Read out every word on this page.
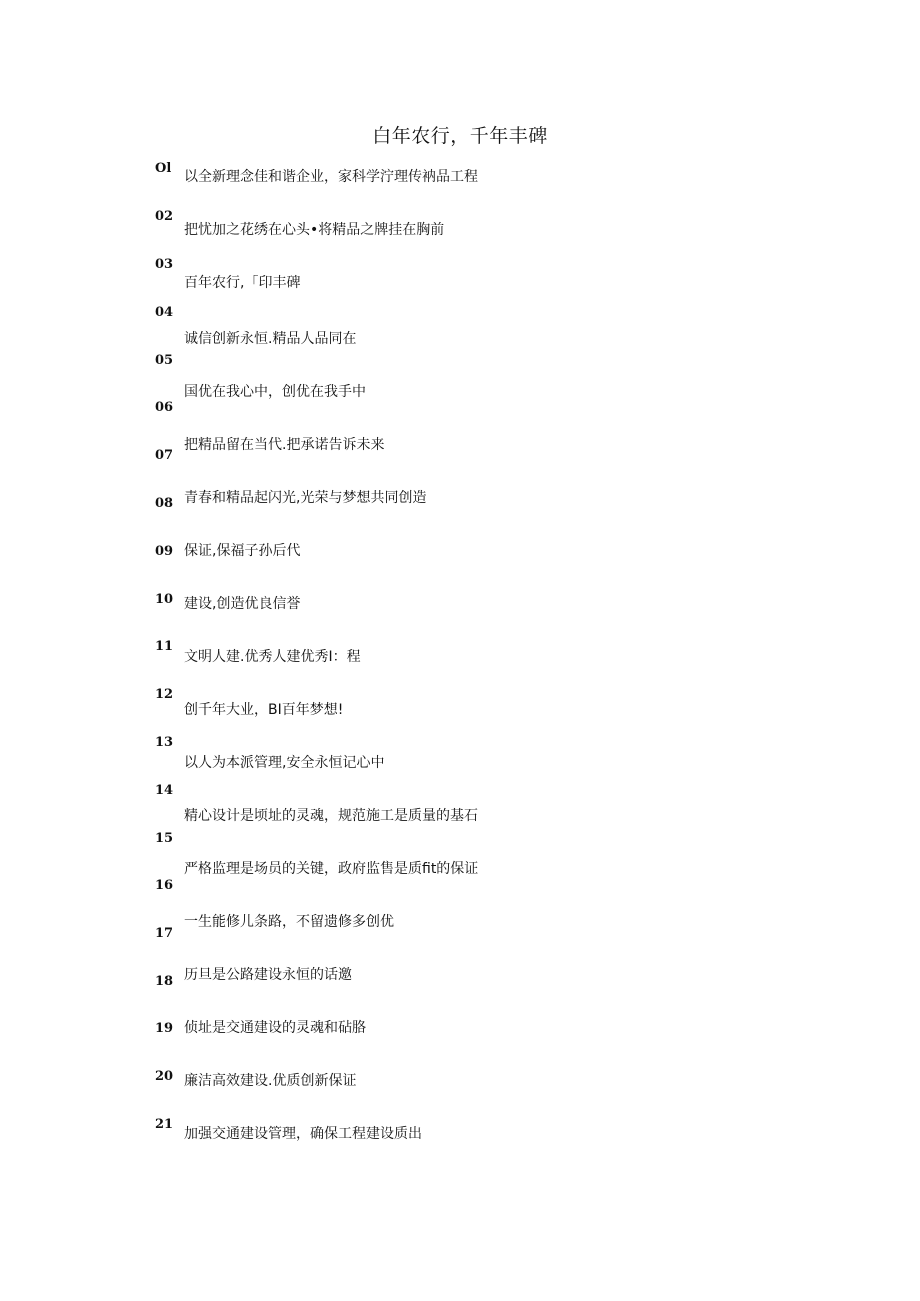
白年农行，千年丰碑
Ol
以全新理念佳和谐企业，家科学泞理传衲品工程
02
把忧加之花绣在心头•将精品之牌挂在胸前
03
百年农行,「印丰碑
04
诚信创新永恒.精品人品同在
05
国优在我心中，创优在我手中
06
把精品留在当代.把承诺告诉未来
07
青春和精品起闪光,光荣与梦想共同创造
08
保证,保福子孙后代
09
建设,创造优良信誉
10
文明人建.优秀人建优秀I：程
11
创千年大业，BI百年梦想!
12
以人为本派管理,安全永恒记心中
13
精心设计是顷址的灵魂，规范施工是质量的基石
14
严格监理是场员的关键，政府监售是质fit的保证
15
一生能修儿条路，不留遗修多创优
16
历旦是公路建设永恒的话邀
17
侦址是交通建设的灵魂和砧胳
18
廉洁高效建设.优质创新保证
19
加强交通建设管理，确保工程建设质出
20
21
